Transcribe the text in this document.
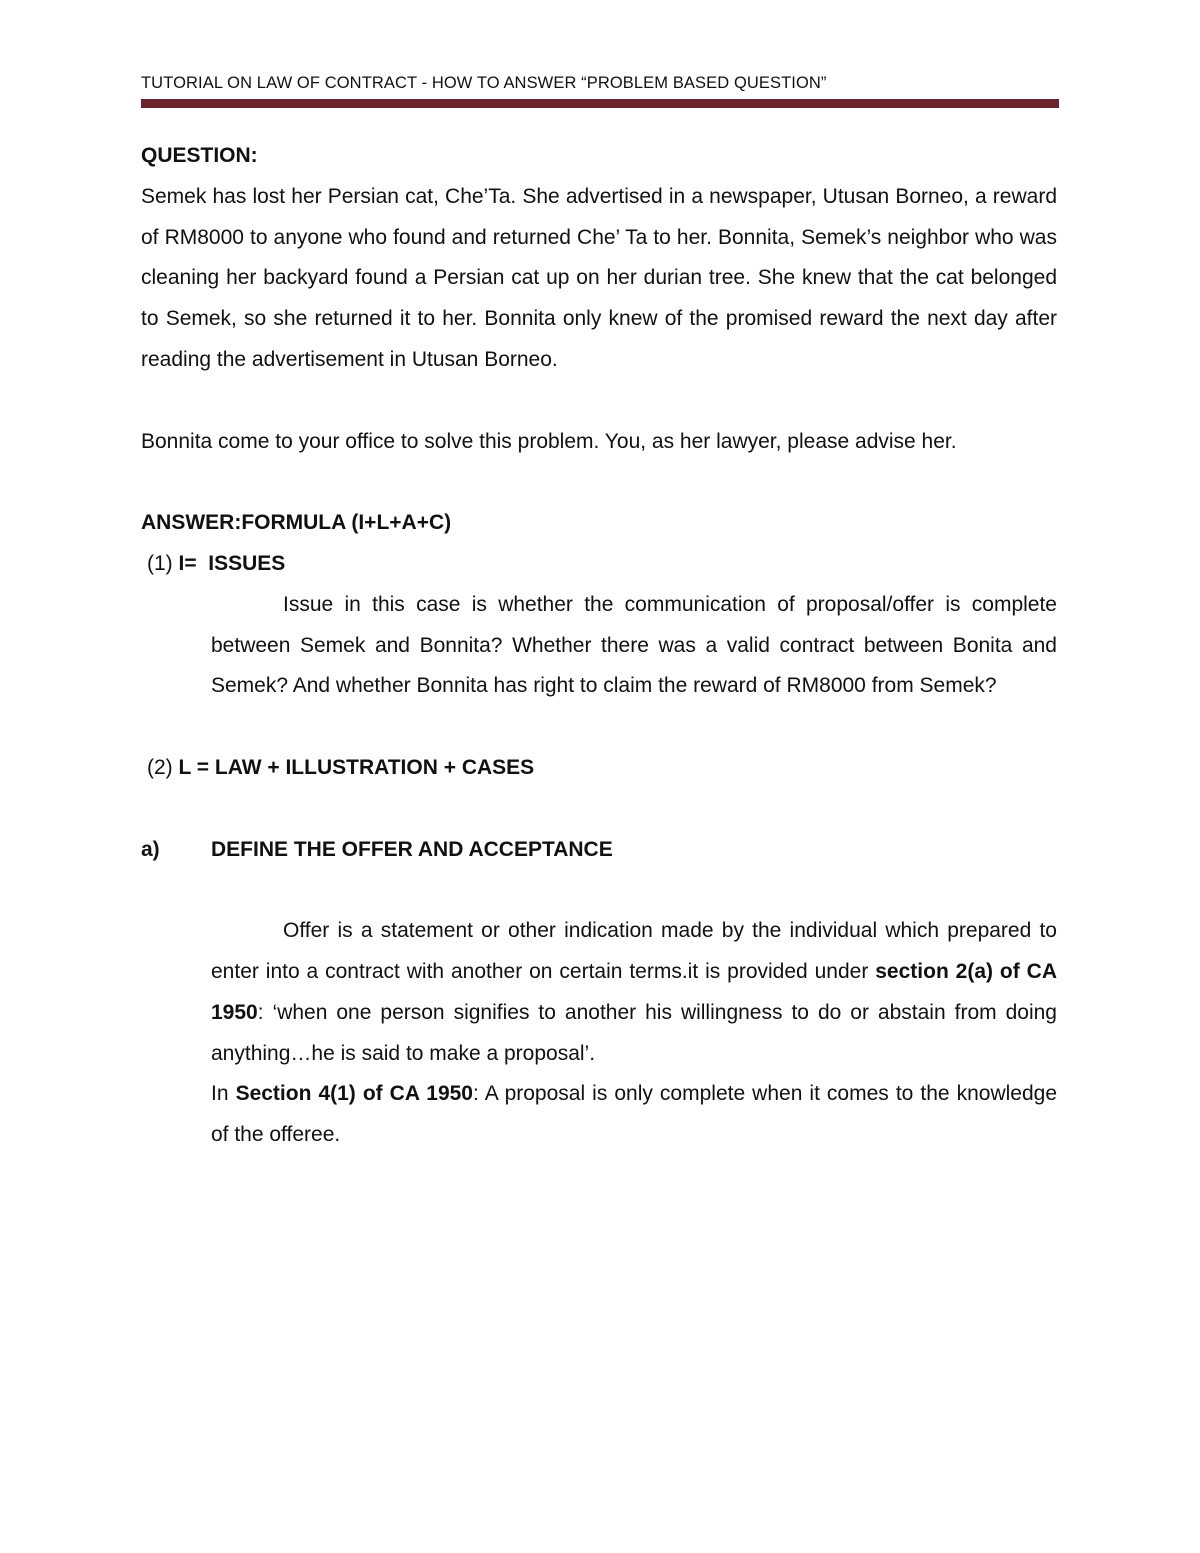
TUTORIAL ON LAW OF CONTRACT - HOW TO ANSWER “PROBLEM BASED QUESTION”

QUESTION:

Semek has lost her Persian cat, Che’Ta. She advertised in a newspaper, Utusan Borneo, a reward of RM8000 to anyone who found and returned Che’ Ta to her. Bonnita, Semek’s neighbor who was cleaning her backyard found a Persian cat up on her durian tree. She knew that the cat belonged to Semek, so she returned it to her. Bonnita only knew of the promised reward the next day after reading the advertisement in Utusan Borneo.

Bonnita come to your office to solve this problem. You, as her lawyer, please advise her.

ANSWER:FORMULA (I+L+A+C)

(1) I=  ISSUES

Issue in this case is whether the communication of proposal/offer is complete between Semek and Bonnita? Whether there was a valid contract between Bonita and Semek? And whether Bonnita has right to claim the reward of RM8000 from Semek?

(2) L = LAW + ILLUSTRATION + CASES

a) DEFINE THE OFFER AND ACCEPTANCE

Offer is a statement or other indication made by the individual which prepared to enter into a contract with another on certain terms.it is provided under section 2(a) of CA 1950: ‘when one person signifies to another his willingness to do or abstain from doing anything…he is said to make a proposal’.

In Section 4(1) of CA 1950: A proposal is only complete when it comes to the knowledge of the offeree.
